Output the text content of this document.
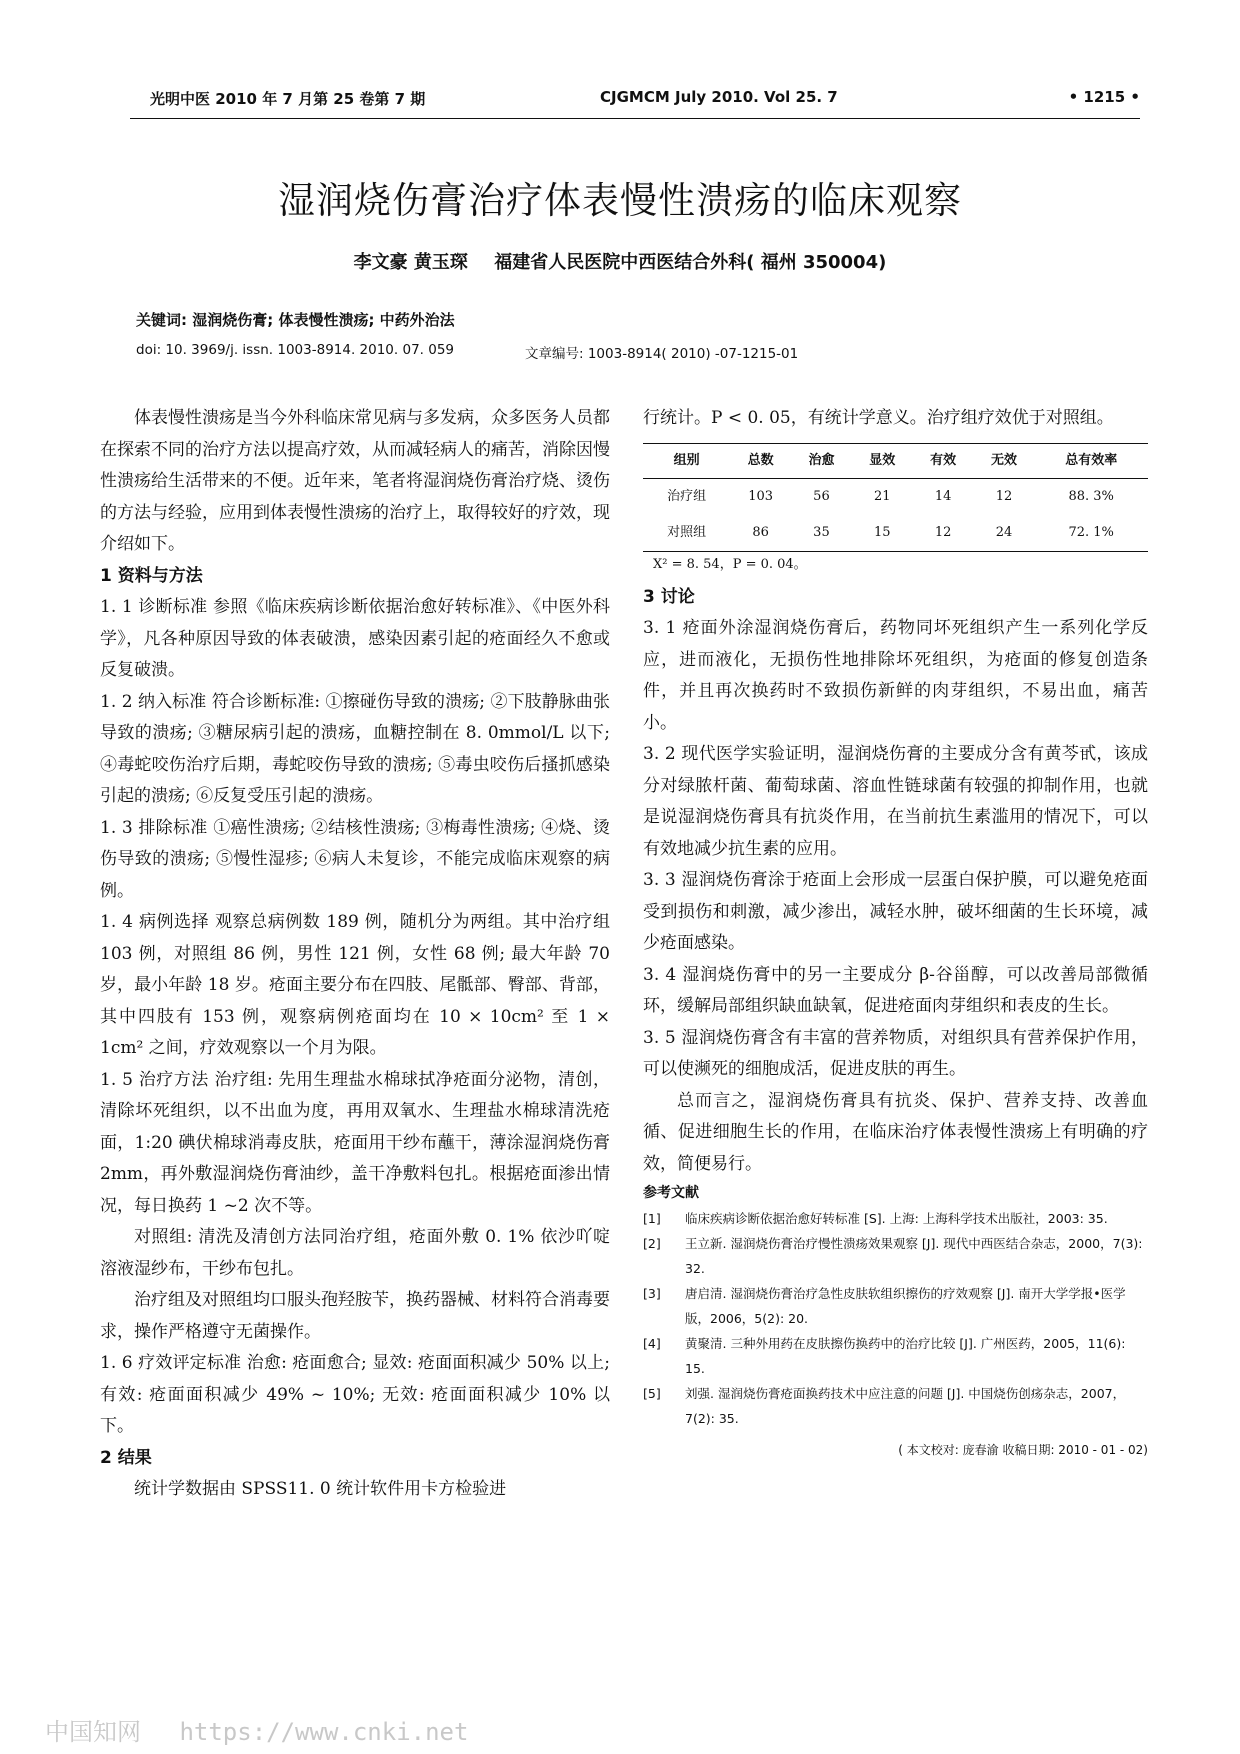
光明中医 2010 年 7 月第 25 卷第 7 期	CJGMCM July 2010. Vol 25. 7	• 1215 •
湿润烧伤膏治疗体表慢性溃疡的临床观察
李文豪 黄玉琛 福建省人民医院中西医结合外科( 福州 350004)
关键词: 湿润烧伤膏; 体表慢性溃疡; 中药外治法
doi: 10. 3969/j. issn. 1003-8914. 2010. 07. 059	文章编号: 1003-8914( 2010) -07-1215-01

体表慢性溃疡是当今外科临床常见病与多发病，众多医务人员都在探索不同的治疗方法以提高疗效，从而减轻病人的痛苦，消除因慢性溃疡给生活带来的不便。近年来，笔者将湿润烧伤膏治疗烧、烫伤的方法与经验，应用到体表慢性溃疡的治疗上，取得较好的疗效，现介绍如下。

1 资料与方法

1. 1 诊断标准 参照《临床疾病诊断依据治愈好转标准》、《中医外科学》，凡各种原因导致的体表破溃，感染因素引起的疮面经久不愈或反复破溃。

1. 2 纳入标准 符合诊断标准: ①擦碰伤导致的溃疡; ②下肢静脉曲张导致的溃疡; ③糖尿病引起的溃疡，血糖控制在 8. 0mmol/L 以下; ④毒蛇咬伤治疗后期，毒蛇咬伤导致的溃疡; ⑤毒虫咬伤后搔抓感染引起的溃疡; ⑥反复受压引起的溃疡。

1. 3 排除标准 ①癌性溃疡; ②结核性溃疡; ③梅毒性溃疡; ④烧、烫伤导致的溃疡; ⑤慢性湿疹; ⑥病人未复诊，不能完成临床观察的病例。

1. 4 病例选择 观察总病例数 189 例，随机分为两组。其中治疗组 103 例，对照组 86 例，男性 121 例，女性 68 例; 最大年龄 70 岁，最小年龄 18 岁。疮面主要分布在四肢、尾骶部、臀部、背部，其中四肢有 153 例，观察病例疮面均在 10 × 10cm² 至 1 × 1cm² 之间，疗效观察以一个月为限。

1. 5 治疗方法 治疗组: 先用生理盐水棉球拭净疮面分泌物，清创，清除坏死组织，以不出血为度，再用双氧水、生理盐水棉球清洗疮面，1:20 碘伏棉球消毒皮肤，疮面用干纱布蘸干，薄涂湿润烧伤膏 2mm，再外敷湿润烧伤膏油纱，盖干净敷料包扎。根据疮面渗出情况，每日换药 1 ~2 次不等。

对照组: 清洗及清创方法同治疗组，疮面外敷 0. 1% 依沙吖啶溶液湿纱布，干纱布包扎。

治疗组及对照组均口服头孢羟胺苄，换药器械、材料符合消毒要求，操作严格遵守无菌操作。

1. 6 疗效评定标准 治愈: 疮面愈合; 显效: 疮面面积减少 50% 以上; 有效: 疮面面积减少 49% ~ 10%; 无效: 疮面面积减少 10% 以下。

2 结果

统计学数据由 SPSS11. 0 统计软件用卡方检验进

行统计。P < 0. 05，有统计学意义。治疗组疗效优于对照组。

组别	总数	治愈	显效	有效	无效	总有效率
治疗组	103	56	21	14	12	88. 3%
对照组	86	35	15	12	24	72. 1%
X² = 8. 54，P = 0. 04。

3 讨论

3. 1 疮面外涂湿润烧伤膏后，药物同坏死组织产生一系列化学反应，进而液化，无损伤性地排除坏死组织，为疮面的修复创造条件，并且再次换药时不致损伤新鲜的肉芽组织，不易出血，痛苦小。

3. 2 现代医学实验证明，湿润烧伤膏的主要成分含有黄芩甙，该成分对绿脓杆菌、葡萄球菌、溶血性链球菌有较强的抑制作用，也就是说湿润烧伤膏具有抗炎作用，在当前抗生素滥用的情况下，可以有效地减少抗生素的应用。

3. 3 湿润烧伤膏涂于疮面上会形成一层蛋白保护膜，可以避免疮面受到损伤和刺激，减少渗出，减轻水肿，破坏细菌的生长环境，减少疮面感染。

3. 4 湿润烧伤膏中的另一主要成分 β-谷甾醇，可以改善局部微循环，缓解局部组织缺血缺氧，促进疮面肉芽组织和表皮的生长。

3. 5 湿润烧伤膏含有丰富的营养物质，对组织具有营养保护作用，可以使濒死的细胞成活，促进皮肤的再生。

总而言之，湿润烧伤膏具有抗炎、保护、营养支持、改善血循、促进细胞生长的作用，在临床治疗体表慢性溃疡上有明确的疗效，简便易行。

参考文献
[1]	临床疾病诊断依据治愈好转标准 [S]. 上海: 上海科学技术出版社，2003: 35.
[2]	王立新. 湿润烧伤膏治疗慢性溃疡效果观察 [J]. 现代中西医结合杂志，2000，7(3): 32.
[3]	唐启清. 湿润烧伤膏治疗急性皮肤软组织擦伤的疗效观察 [J]. 南开大学学报•医学版，2006，5(2): 20.
[4]	黄聚清. 三种外用药在皮肤擦伤换药中的治疗比较 [J]. 广州医药，2005，11(6): 15.
[5]	刘强. 湿润烧伤膏疮面换药技术中应注意的问题 [J]. 中国烧伤创疡杂志，2007，7(2): 35.
( 本文校对: 庞春渝 收稿日期: 2010 - 01 - 02)
中国知网 https://www.cnki.net
